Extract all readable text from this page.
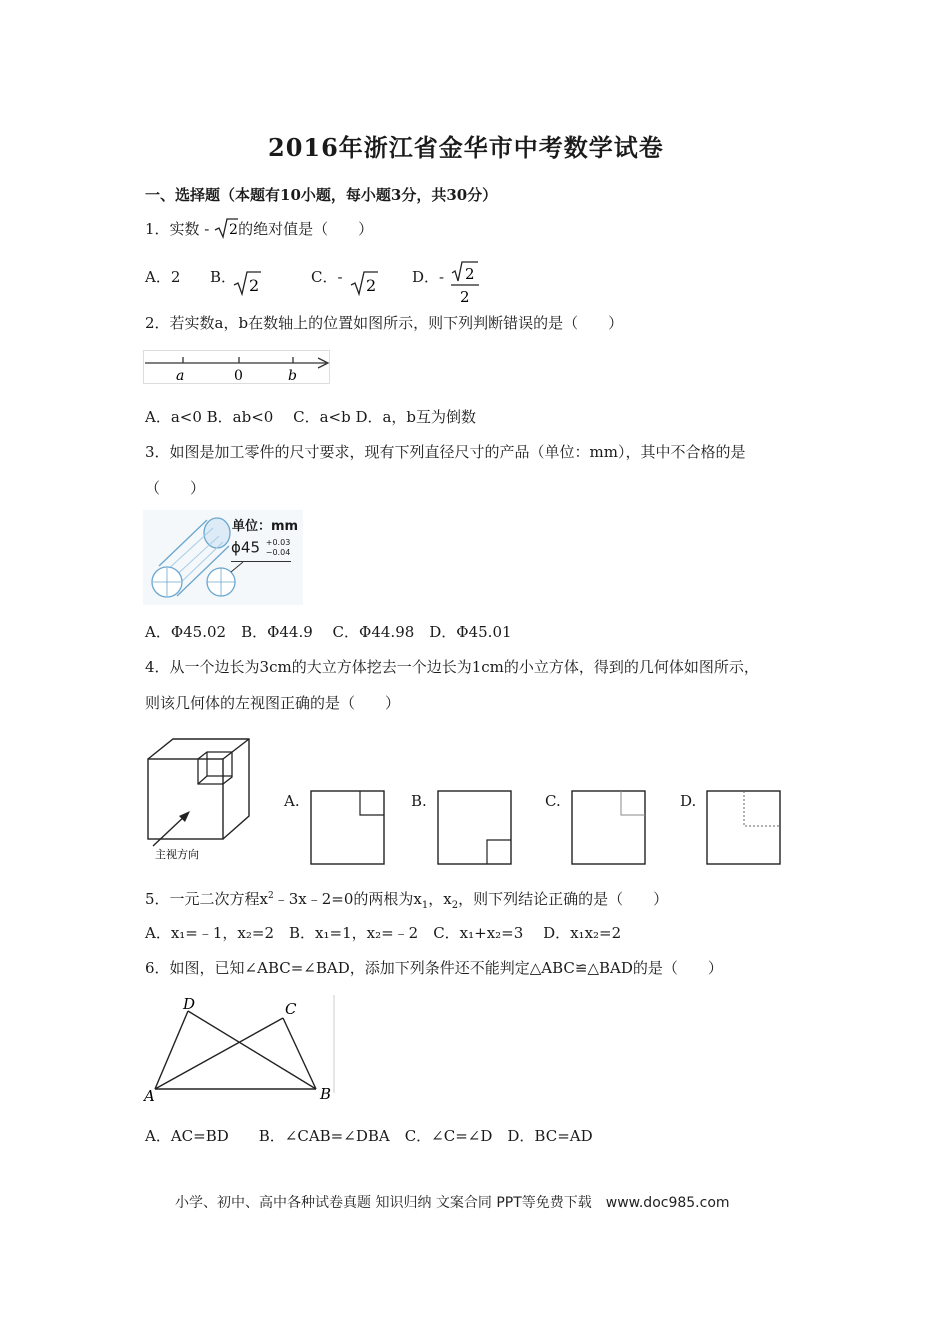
2016年浙江省金华市中考数学试卷
一、选择题（本题有10小题，每小题3分，共30分）
1．实数 - 2 的绝对值是（　　）
A．2 B． 2	C．- 2 D．- 2
2
2．若实数a，b在数轴上的位置如图所示，则下列判断错误的是（　　）
a	0	b
A．a<0 B．ab<0　 C．a<b D．a，b互为倒数
3．如图是加工零件的尺寸要求，现有下列直径尺寸的产品（单位：mm），其中不合格的是
（　　）
单位：mm
ϕ45 +0.03
−0.04
A．Φ45.02　B．Φ44.9　 C．Φ44.98　D．Φ45.01
4．从一个边长为3cm的大立方体挖去一个边长为1cm的小立方体，得到的几何体如图所示，
则该几何体的左视图正确的是（　　）
主视方向
A.	B.	C.	D.
5．一元二次方程$x^2﹣3x﹣2=0$的两根为$x_1$，$x_2$，则下列结论正确的是（　　）
A．x₁=﹣1，x₂=2　B．x₁=1，x₂=﹣2　C．x₁+x₂=3　 D．x₁x₂=2
6．如图，已知∠ABC=∠BAD，添加下列条件还不能判定△ABC≌△BAD的是（　　）
D	C
A	B
A．AC=BD　　B．∠CAB=∠DBA　C．∠C=∠D　D．BC=AD
小学、初中、高中各种试卷真题 知识归纳 文案合同 PPT等免费下载　www.doc985.com
